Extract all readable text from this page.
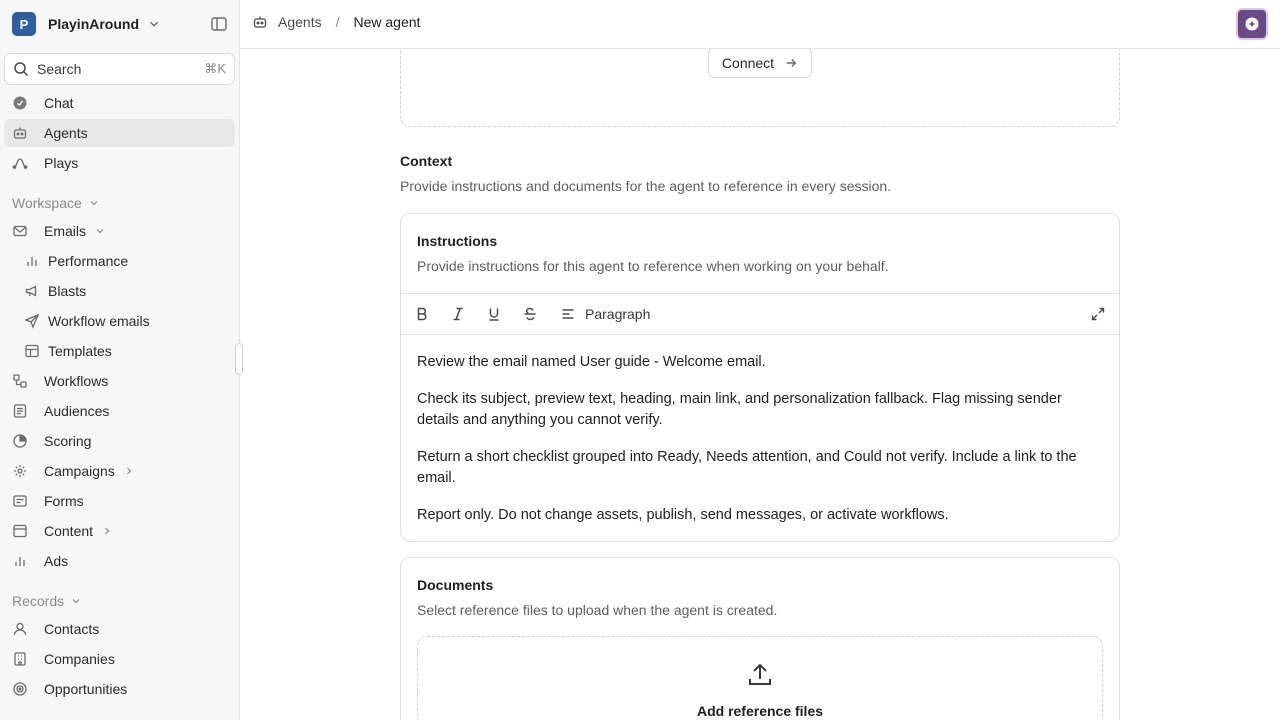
P	PlayinAround
Search	⌘K
Chat
Agents
Plays
Workspace
Emails
Performance
Blasts
Workflow emails
Templates
Workflows
Audiences
Scoring
Campaigns
Forms
Content
Ads
Records
Contacts
Companies
Opportunities
Agents / New agent
Connect
Context
Provide instructions and documents for the agent to reference in every session.
Instructions
Provide instructions for this agent to reference when working on your behalf.
Paragraph

Review the email named User guide - Welcome email.

Check its subject, preview text, heading, main link, and personalization fallback. Flag missing sender details and anything you cannot verify.

Return a short checklist grouped into Ready, Needs attention, and Could not verify. Include a link to the email.

Report only. Do not change assets, publish, send messages, or activate workflows.

Documents
Select reference files to upload when the agent is created.
Add reference files
